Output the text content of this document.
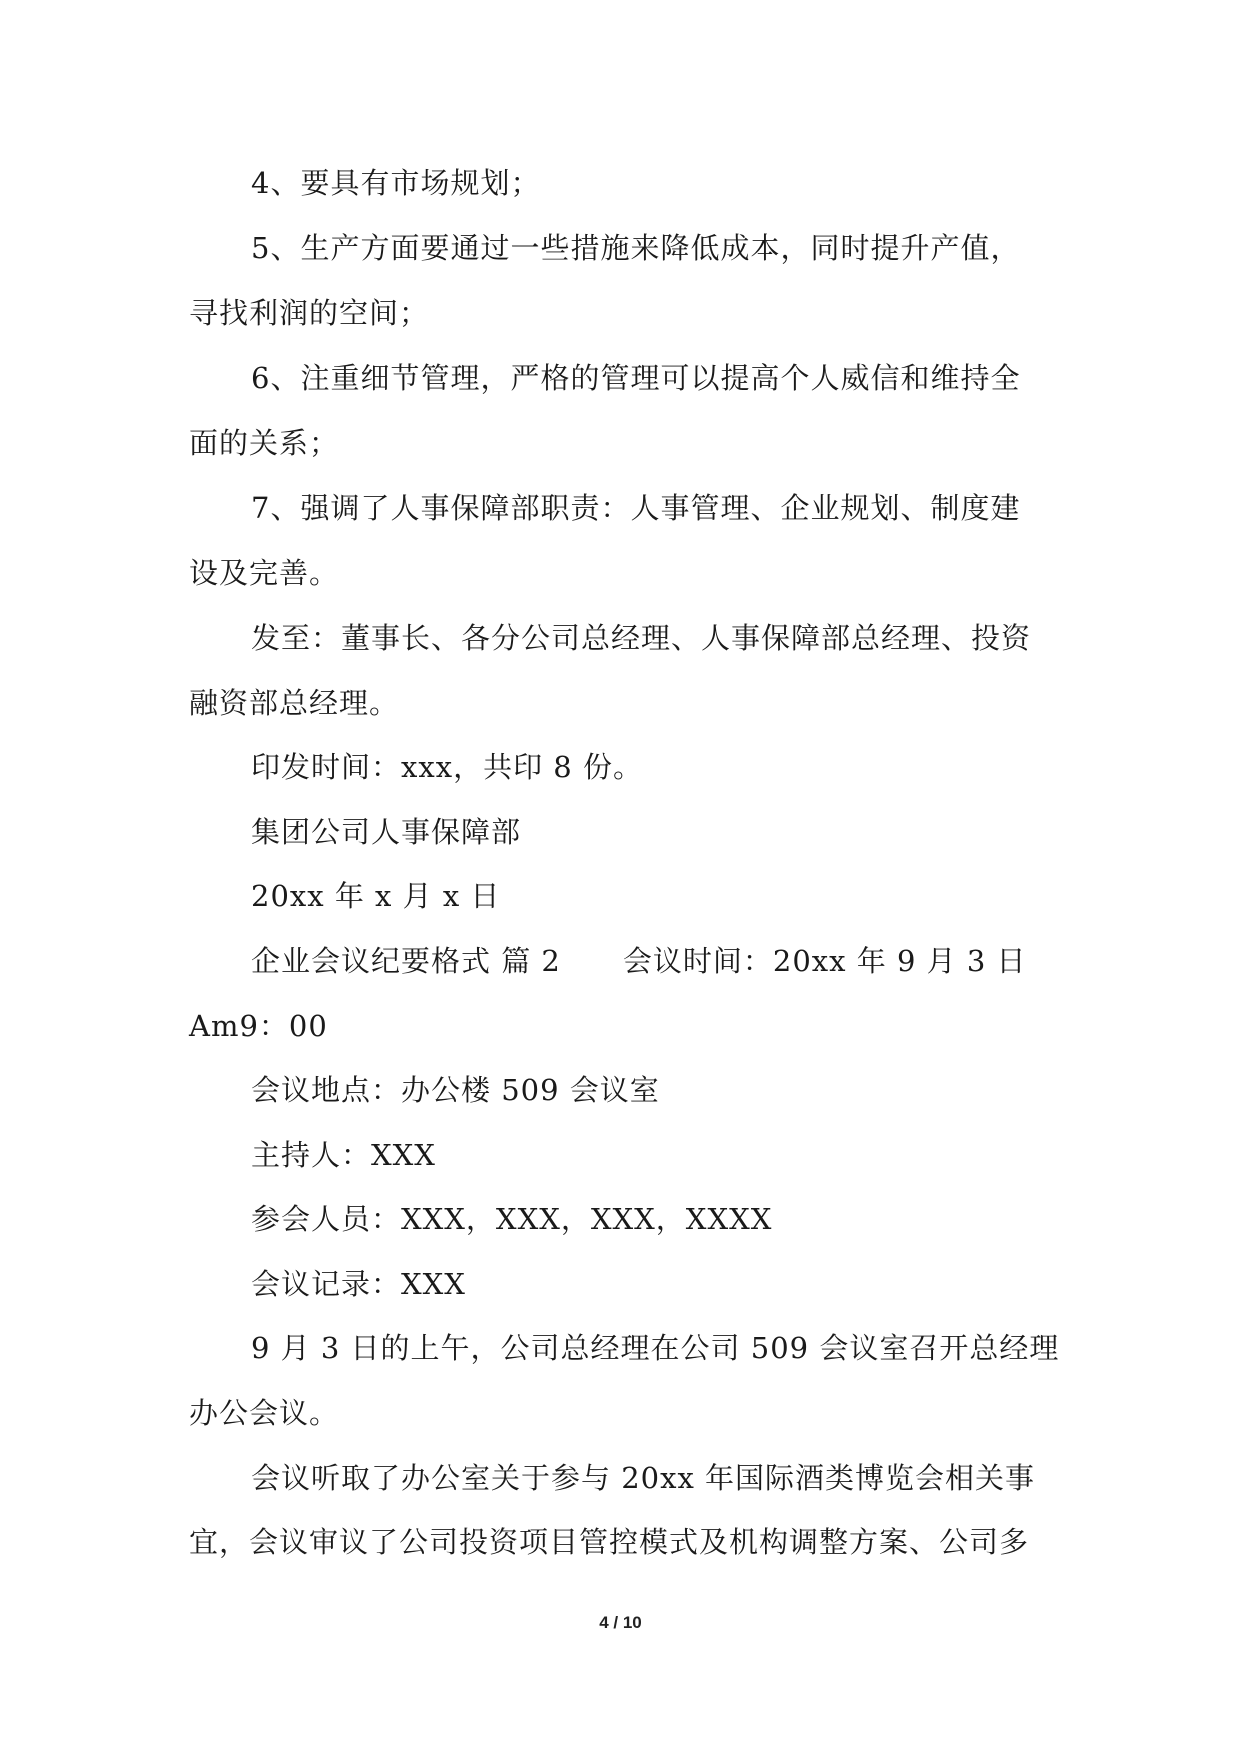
4、要具有市场规划；
5、生产方面要通过一些措施来降低成本，同时提升产值，
寻找利润的空间；
6、注重细节管理，严格的管理可以提高个人威信和维持全
面的关系；
7、强调了人事保障部职责：人事管理、企业规划、制度建
设及完善。
发至：董事长、各分公司总经理、人事保障部总经理、投资
融资部总经理。
印发时间：xxx，共印 8 份。
集团公司人事保障部
20xx 年 x 月 x 日
企业会议纪要格式 篇 2 会议时间：20xx 年 9 月 3 日
Am9：00
会议地点：办公楼 509 会议室
主持人：XXX
参会人员：XXX，XXX，XXX，XXXX
会议记录：XXX
9 月 3 日的上午，公司总经理在公司 509 会议室召开总经理
办公会议。
会议听取了办公室关于参与 20xx 年国际酒类博览会相关事
宜，会议审议了公司投资项目管控模式及机构调整方案、公司多
4 / 10
